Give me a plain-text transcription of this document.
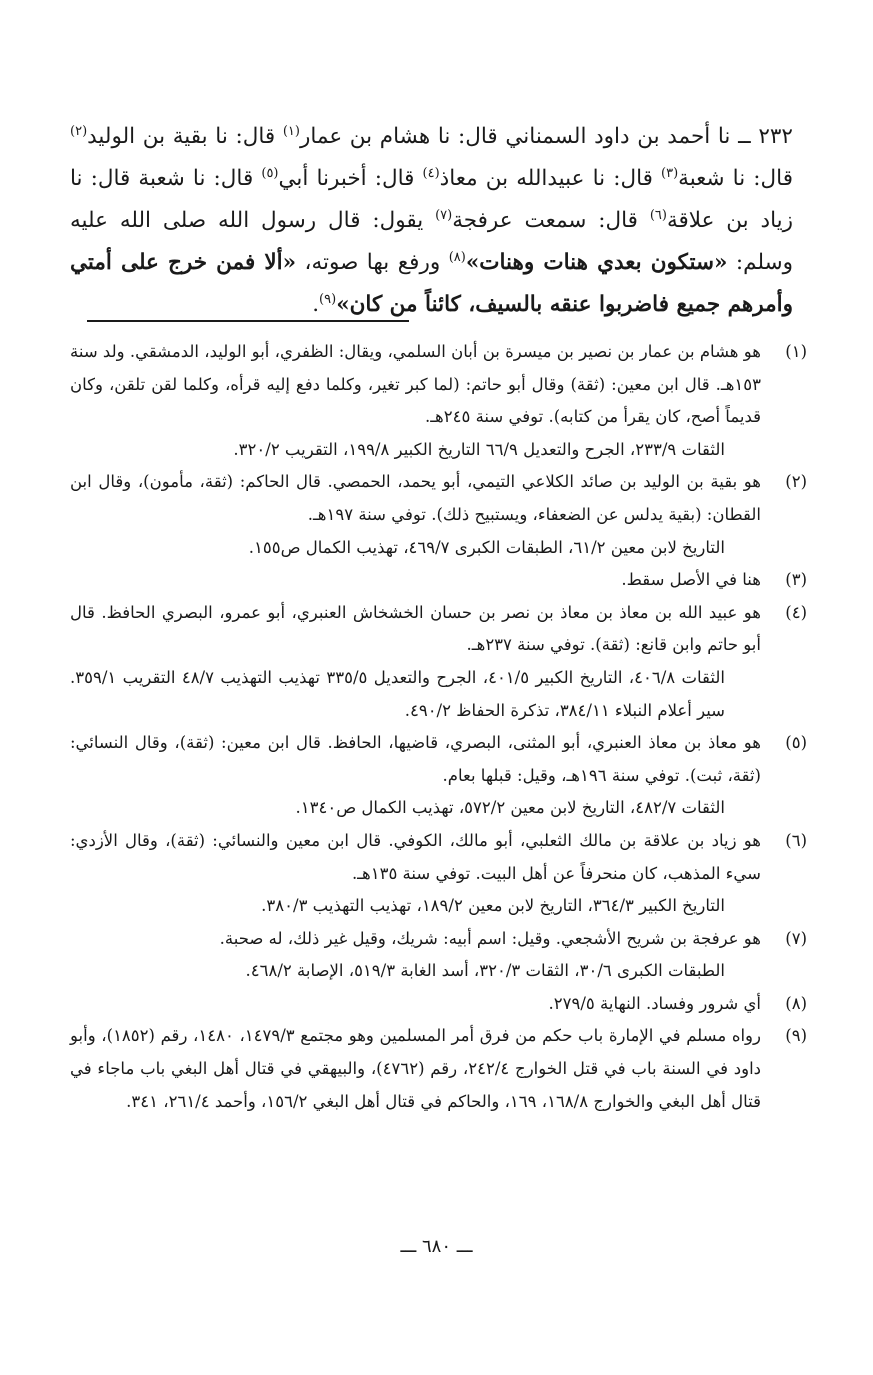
٢٣٢ ــ نا أحمد بن داود السمناني قال: نا هشام بن عمار$^{(١)}$ قال: نا بقية بن الوليد$^{(٢)}$ قال: نا شعبة$^{(٣)}$ قال: نا عبيدالله بن معاذ$^{(٤)}$ قال: أخبرنا أبي$^{(٥)}$ قال: نا شعبة قال: نا زياد بن علاقة$^{(٦)}$ قال: سمعت عرفجة$^{(٧)}$ يقول: قال رسول الله صلى الله عليه وسلم: «ستكون بعدي هنات وهنات»$^{(٨)}$ ورفع بها صوته، «ألا فمن خرج على أمتي وأمرهم جميع فاضربوا عنقه بالسيف، كائناً من كان»$^{(٩)}$.
(١)

هو هشام بن عمار بن نصير بن ميسرة بن أبان السلمي، ويقال: الظفري، أبو الوليد، الدمشقي. ولد سنة ١٥٣هـ. قال ابن معين: (ثقة) وقال أبو حاتم: (لما كبر تغير، وكلما دفع إليه قرأه، وكلما لقن تلقن، وكان قديماً أصح، كان يقرأ من كتابه). توفي سنة ٢٤٥هـ.

الثقات ٢٣٣/٩، الجرح والتعديل ٦٦/٩ التاريخ الكبير ١٩٩/٨، التقريب ٣٢٠/٢.

(٢)

هو بقية بن الوليد بن صائد الكلاعي التيمي، أبو يحمد، الحمصي. قال الحاكم: (ثقة، مأمون)، وقال ابن القطان: (بقية يدلس عن الضعفاء، ويستبيح ذلك). توفي سنة ١٩٧هـ.

التاريخ لابن معين ٦١/٢، الطبقات الكبرى ٤٦٩/٧، تهذيب الكمال ص١٥٥.

(٣)

هنا في الأصل سقط.

(٤)

هو عبيد الله بن معاذ بن معاذ بن نصر بن حسان الخشخاش العنبري، أبو عمرو، البصري الحافظ. قال أبو حاتم وابن قانع: (ثقة). توفي سنة ٢٣٧هـ.

الثقات ٤٠٦/٨، التاريخ الكبير ٤٠١/٥، الجرح والتعديل ٣٣٥/٥ تهذيب التهذيب ٤٨/٧ التقريب ٣٥٩/١. سير أعلام النبلاء ٣٨٤/١١، تذكرة الحفاظ ٤٩٠/٢.

(٥)

هو معاذ بن معاذ العنبري، أبو المثنى، البصري، قاضيها، الحافظ. قال ابن معين: (ثقة)، وقال النسائي: (ثقة، ثبت). توفي سنة ١٩٦هـ، وقيل: قبلها بعام.

الثقات ٤٨٢/٧، التاريخ لابن معين ٥٧٢/٢، تهذيب الكمال ص١٣٤٠.

(٦)

هو زياد بن علاقة بن مالك الثعلبي، أبو مالك، الكوفي. قال ابن معين والنسائي: (ثقة)، وقال الأزدي: سيء المذهب، كان منحرفاً عن أهل البيت. توفي سنة ١٣٥هـ.

التاريخ الكبير ٣٦٤/٣، التاريخ لابن معين ١٨٩/٢، تهذيب التهذيب ٣٨٠/٣.

(٧)

هو عرفجة بن شريح الأشجعي. وقيل: اسم أبيه: شريك، وقيل غير ذلك، له صحبة.

الطبقات الكبرى ٣٠/٦، الثقات ٣٢٠/٣، أسد الغابة ٥١٩/٣، الإصابة ٤٦٨/٢.

(٨)

أي شرور وفساد. النهاية ٢٧٩/٥.

(٩)

رواه مسلم في الإمارة باب حكم من فرق أمر المسلمين وهو مجتمع ١٤٧٩/٣، ١٤٨٠، رقم (١٨٥٢)، وأبو داود في السنة باب في قتل الخوارج ٢٤٢/٤، رقم (٤٧٦٢)، والبيهقي في قتال أهل البغي باب ماجاء في قتال أهل البغي والخوارج ١٦٨/٨، ١٦٩، والحاكم في قتال أهل البغي ١٥٦/٢، وأحمد ٢٦١/٤، ٣٤١.

ـــ ٦٨٠ ـــ
